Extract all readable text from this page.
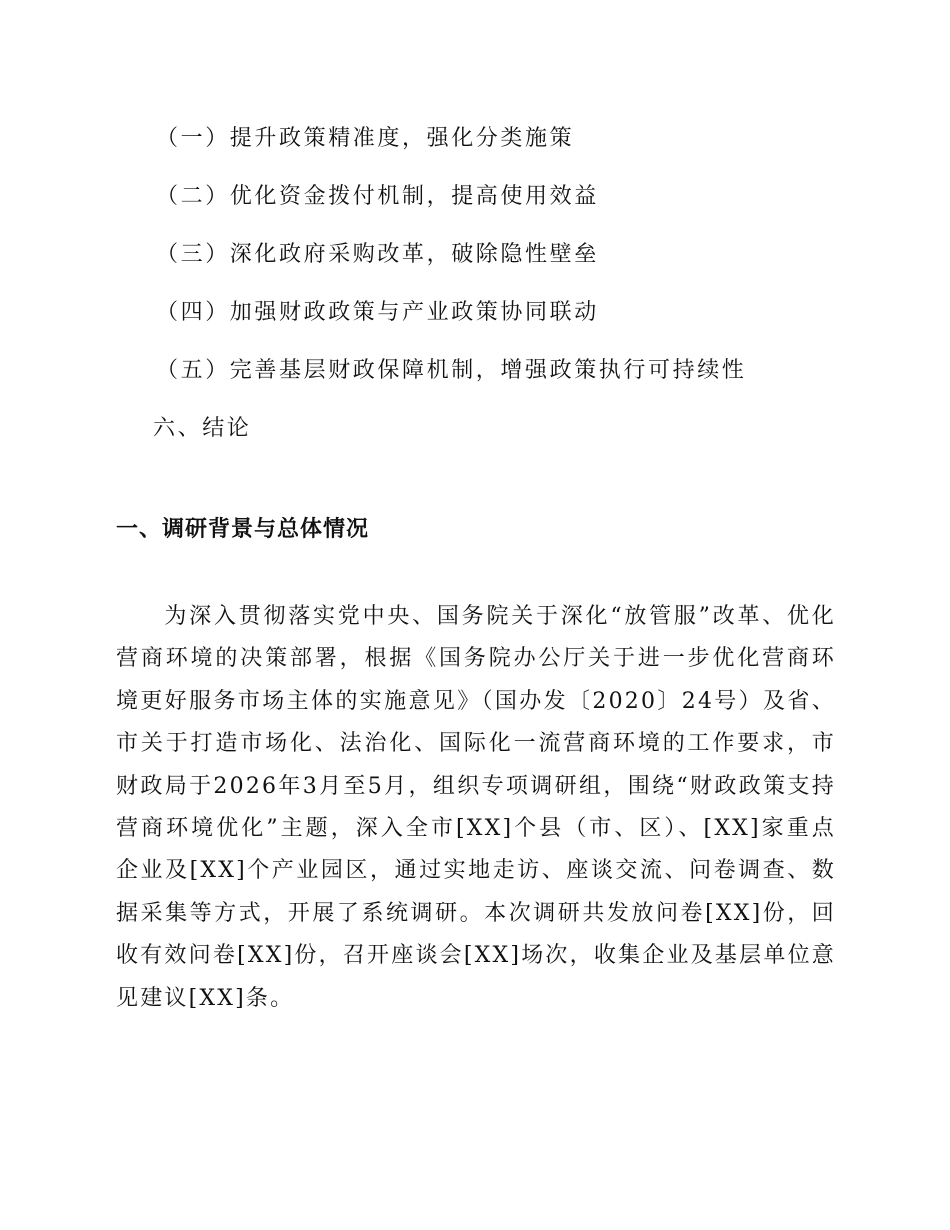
（一）提升政策精准度，强化分类施策
（二）优化资金拨付机制，提高使用效益
（三）深化政府采购改革，破除隐性壁垒
（四）加强财政政策与产业政策协同联动
（五）完善基层财政保障机制，增强政策执行可持续性
六、结论
一、调研背景与总体情况

为深入贯彻落实党中央、国务院关于深化“放管服”改革、优化营商环境的决策部署，根据《国务院办公厅关于进一步优化营商环境更好服务市场主体的实施意见》（国办发〔2020〕24号）及省、市关于打造市场化、法治化、国际化一流营商环境的工作要求，市财政局于2026年3月至5月，组织专项调研组，围绕“财政政策支持营商环境优化”主题，深入全市[XX]个县（市、区）、[XX]家重点企业及[XX]个产业园区，通过实地走访、座谈交流、问卷调查、数据采集等方式，开展了系统调研。本次调研共发放问卷[XX]份，回收有效问卷[XX]份，召开座谈会[XX]场次，收集企业及基层单位意见建议[XX]条。
